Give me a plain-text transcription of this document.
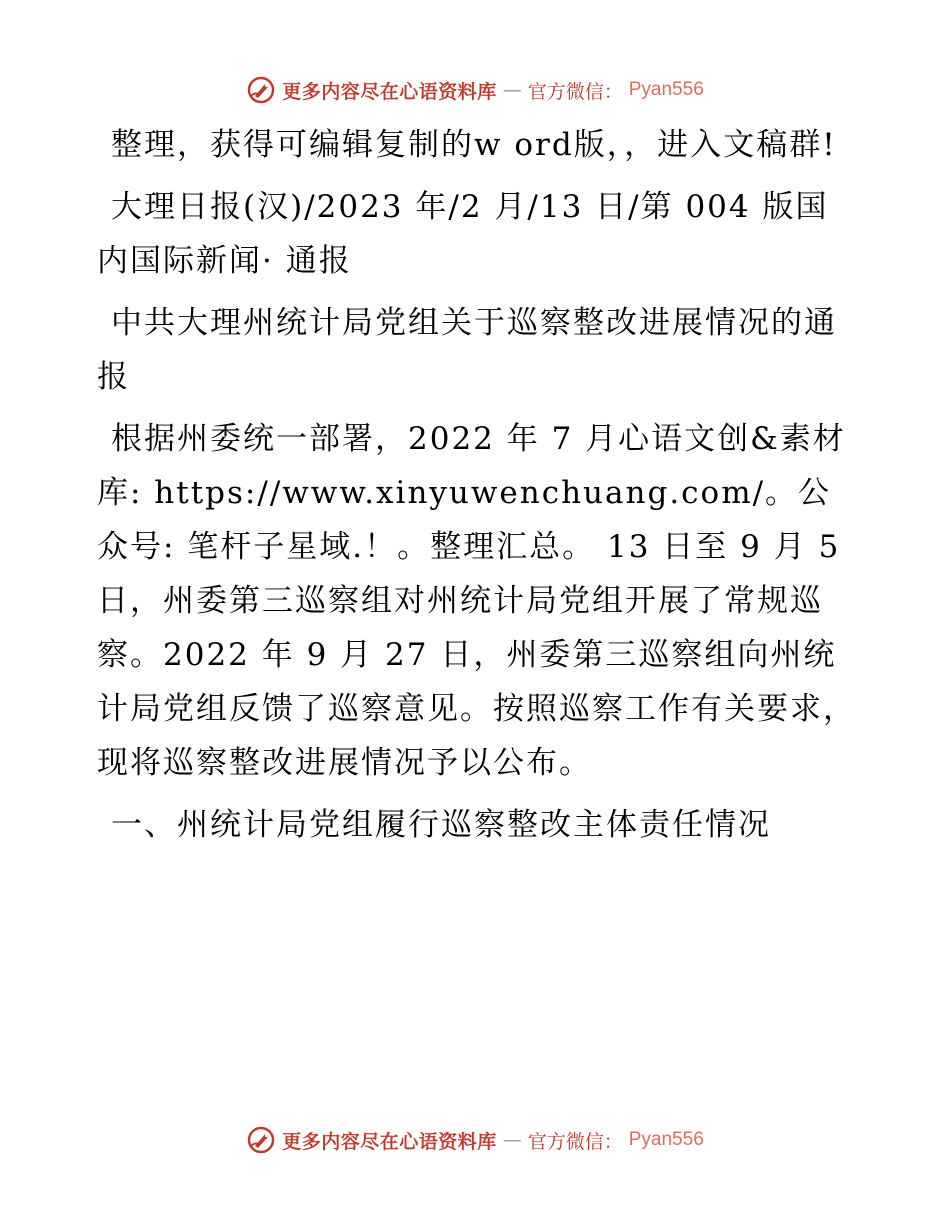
更多内容尽在心语资料库 — 官方微信： Pyan556

整理，获得可编辑复制的w ord版，，进入文稿群!

大理日报(汉)/2023 年/2 月/13 日/第 004 版国内国际新闻· 通报

中共大理州统计局党组关于巡察整改进展情况的通报

根据州委统一部署，2022 年 7 月心语文创&素材库: https://www.xinyuwenchuang.com/。公众号: 笔杆子星域.！。整理汇总。 13 日至 9 月 5 日，州委第三巡察组对州统计局党组开展了常规巡察。2022 年 9 月 27 日，州委第三巡察组向州统计局党组反馈了巡察意见。按照巡察工作有关要求，现将巡察整改进展情况予以公布。

一、州统计局党组履行巡察整改主体责任情况

更多内容尽在心语资料库 — 官方微信： Pyan556
